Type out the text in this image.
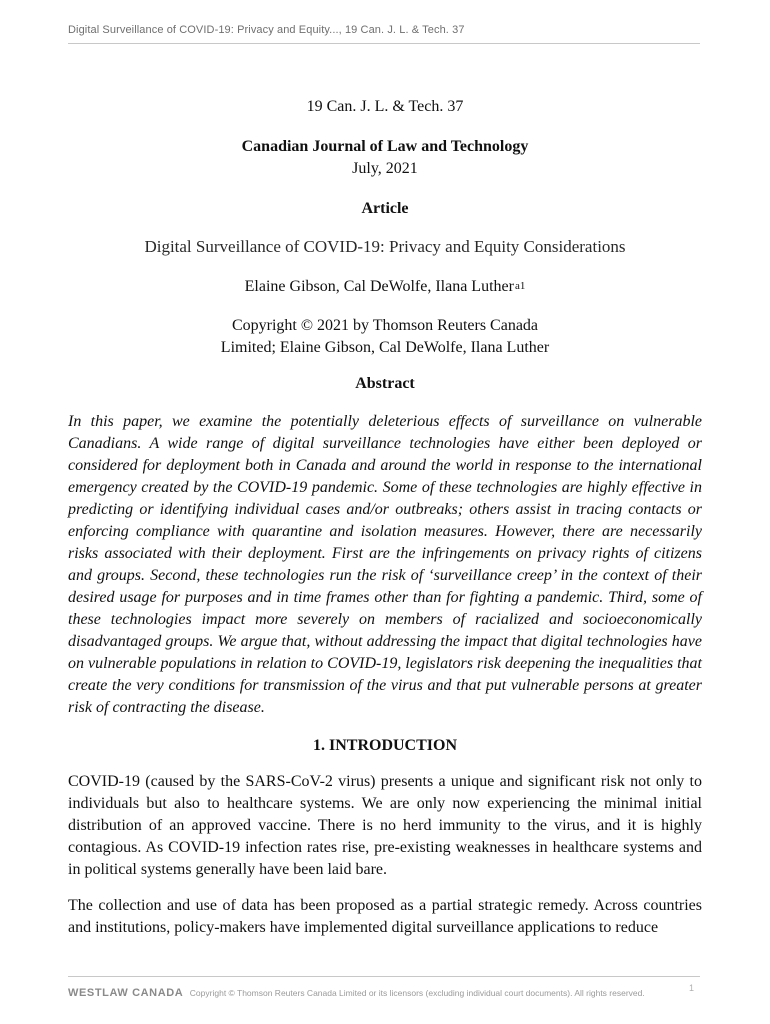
Digital Surveillance of COVID-19: Privacy and Equity..., 19 Can. J. L. & Tech. 37

19 Can. J. L. & Tech. 37

Canadian Journal of Law and Technology

July, 2021

Article

Digital Surveillance of COVID-19: Privacy and Equity Considerations

Elaine Gibson, Cal DeWolfe, Ilana Luther$^{a1}$

Copyright © 2021 by Thomson Reuters Canada
Limited; Elaine Gibson, Cal DeWolfe, Ilana Luther

Abstract

In this paper, we examine the potentially deleterious effects of surveillance on vulnerable Canadians. A wide range of digital surveillance technologies have either been deployed or considered for deployment both in Canada and around the world in response to the international emergency created by the COVID-19 pandemic. Some of these technologies are highly effective in predicting or identifying individual cases and/or outbreaks; others assist in tracing contacts or enforcing compliance with quarantine and isolation measures. However, there are necessarily risks associated with their deployment. First are the infringements on privacy rights of citizens and groups. Second, these technologies run the risk of ‘surveillance creep’ in the context of their desired usage for purposes and in time frames other than for fighting a pandemic. Third, some of these technologies impact more severely on members of racialized and socioeconomically disadvantaged groups. We argue that, without addressing the impact that digital technologies have on vulnerable populations in relation to COVID-19, legislators risk deepening the inequalities that create the very conditions for transmission of the virus and that put vulnerable persons at greater risk of contracting the disease.

1. INTRODUCTION

COVID-19 (caused by the SARS-CoV-2 virus) presents a unique and significant risk not only to individuals but also to healthcare systems. We are only now experiencing the minimal initial distribution of an approved vaccine. There is no herd immunity to the virus, and it is highly contagious. As COVID-19 infection rates rise, pre-existing weaknesses in healthcare systems and in political systems generally have been laid bare.

The collection and use of data has been proposed as a partial strategic remedy. Across countries and institutions, policy-makers have implemented digital surveillance applications to reduce

WESTLAW CANADA Copyright © Thomson Reuters Canada Limited or its licensors (excluding individual court documents). All rights reserved.	1
